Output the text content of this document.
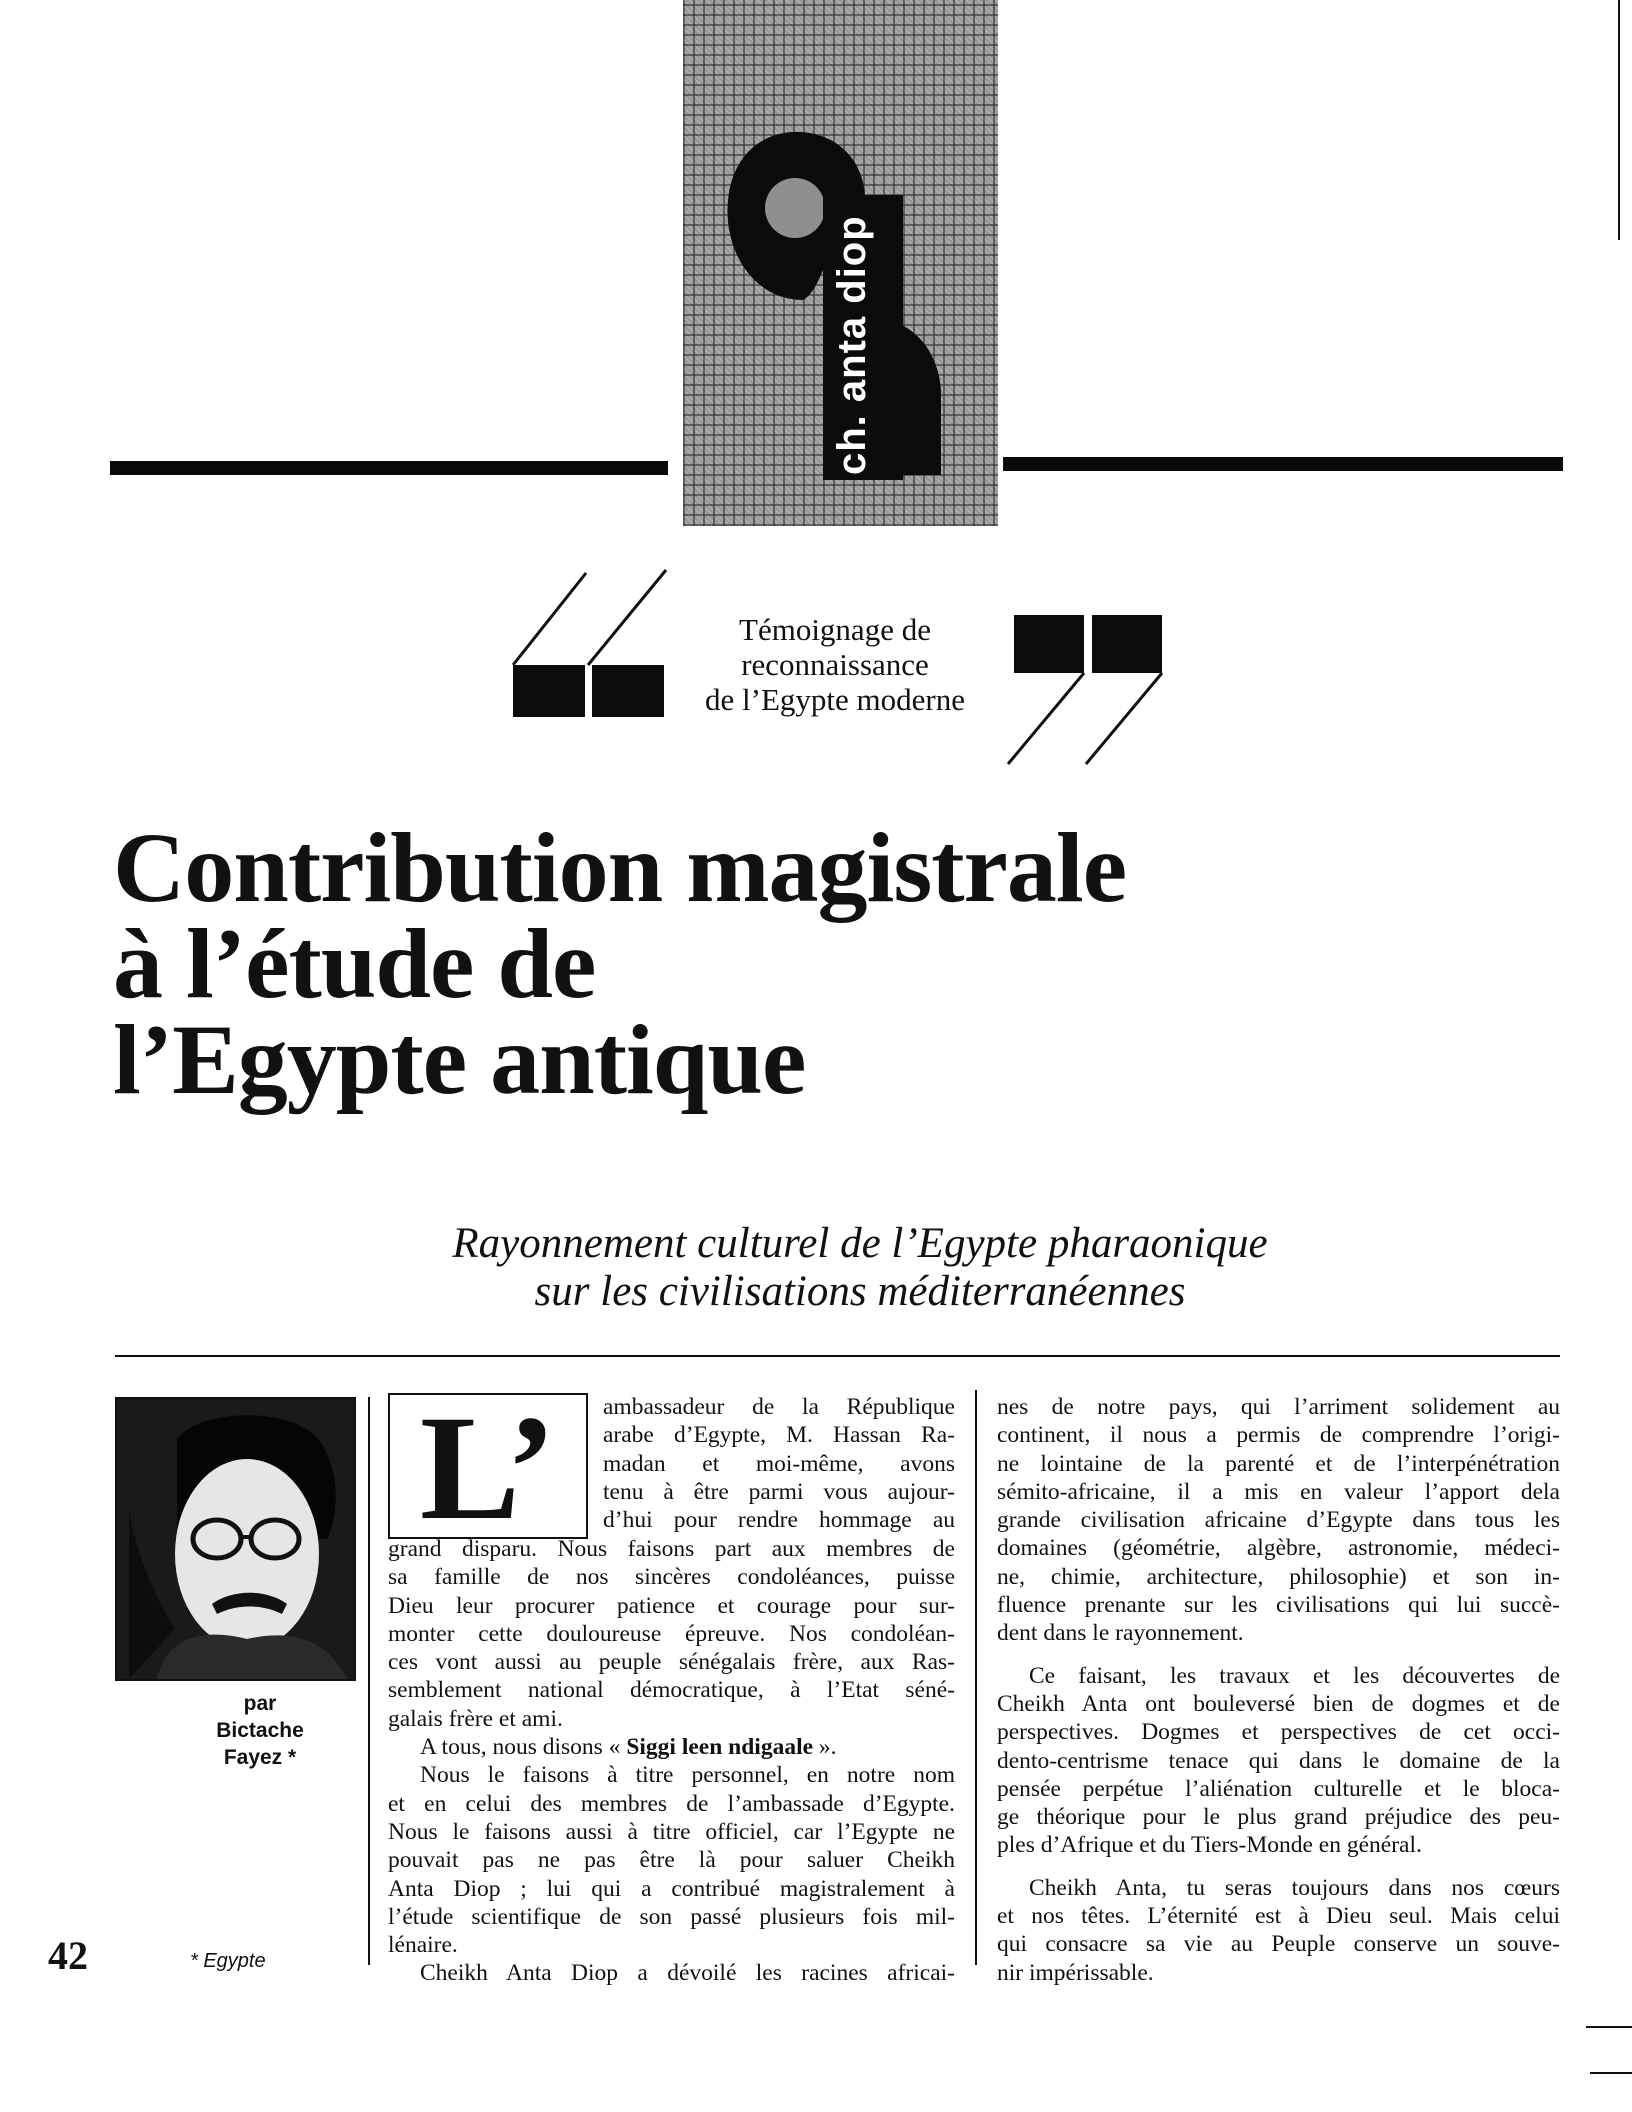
ch. anta diop
Témoignage de
reconnaissance
de l’Egypte moderne
Contribution magistrale
à l’étude de
l’Egypte antique
Rayonnement culturel de l’Egypte pharaonique
sur les civilisations méditerranéennes
par
Bictache
Fayez *
42	* Egypte
L’	ambassadeur de la République
arabe d’Egypte, M. Hassan Ra-
madan et moi-même, avons
tenu à être parmi vous aujour-
d’hui pour rendre hommage au
grand disparu. Nous faisons part aux membres de
sa famille de nos sincères condoléances, puisse
Dieu leur procurer patience et courage pour sur-
monter cette douloureuse épreuve. Nos condoléan-
ces vont aussi au peuple sénégalais frère, aux Ras-
semblement national démocratique, à l’Etat séné-
galais frère et ami.
A tous, nous disons « Siggi leen ndigaale ».
Nous le faisons à titre personnel, en notre nom
et en celui des membres de l’ambassade d’Egypte.
Nous le faisons aussi à titre officiel, car l’Egypte ne
pouvait pas ne pas être là pour saluer Cheikh
Anta Diop ; lui qui a contribué magistralement à
l’étude scientifique de son passé plusieurs fois mil-
lénaire.
Cheikh Anta Diop a dévoilé les racines africai-
nes de notre pays, qui l’arriment solidement au
continent, il nous a permis de comprendre l’origi-
ne lointaine de la parenté et de l’interpénétration
sémito-africaine, il a mis en valeur l’apport dela
grande civilisation africaine d’Egypte dans tous les
domaines (géométrie, algèbre, astronomie, médeci-
ne, chimie, architecture, philosophie) et son in-
fluence prenante sur les civilisations qui lui succè-
dent dans le rayonnement.
Ce faisant, les travaux et les découvertes de
Cheikh Anta ont bouleversé bien de dogmes et de
perspectives. Dogmes et perspectives de cet occi-
dento-centrisme tenace qui dans le domaine de la
pensée perpétue l’aliénation culturelle et le bloca-
ge théorique pour le plus grand préjudice des peu-
ples d’Afrique et du Tiers-Monde en général.
Cheikh Anta, tu seras toujours dans nos cœurs
et nos têtes. L’éternité est à Dieu seul. Mais celui
qui consacre sa vie au Peuple conserve un souve-
nir impérissable.
